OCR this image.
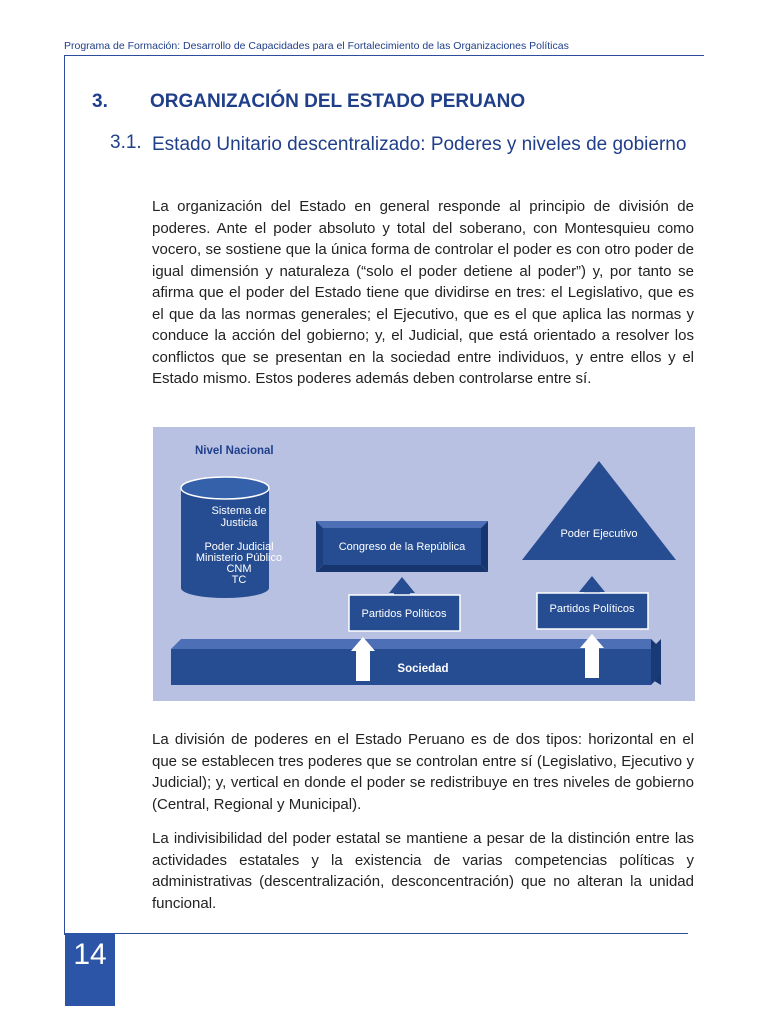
Programa de Formación: Desarrollo de Capacidades para el Fortalecimiento de las Organizaciones Políticas
3. ORGANIZACIÓN DEL ESTADO PERUANO
3.1. Estado Unitario descentralizado: Poderes y niveles de gobierno

La organización del Estado en general responde al principio de división de poderes. Ante el poder absoluto y total del soberano, con Montesquieu como vocero, se sostiene que la única forma de controlar el poder es con otro poder de igual dimensión y naturaleza (“solo el poder detiene al poder”) y, por tanto se afirma que el poder del Estado tiene que dividirse en tres: el Legislativo, que es el que da las normas generales; el Ejecutivo, que es el que aplica las normas y conduce la acción del gobierno; y, el Judicial, que está orientado a resolver los conflictos que se presentan en la sociedad entre individuos, y entre ellos y el Estado mismo. Estos poderes además deben controlarse entre sí.

Nivel Nacional
Sistema de
Justicia
Poder Judicial
Ministerio Público
CNM
TC
Congreso de la República
Poder Ejecutivo
Partidos Políticos	Partidos Políticos
Sociedad

La división de poderes en el Estado Peruano es de dos tipos: horizontal en el que se establecen tres poderes que se controlan entre sí (Legislativo, Ejecutivo y Judicial); y, vertical en donde el poder se redistribuye en tres niveles de gobierno (Central, Regional y Municipal).

La indivisibilidad del poder estatal se mantiene a pesar de la distinción entre las actividades estatales y la existencia de varias competencias políticas y administrativas (descentralización, desconcentración) que no alteran la unidad funcional.

14
